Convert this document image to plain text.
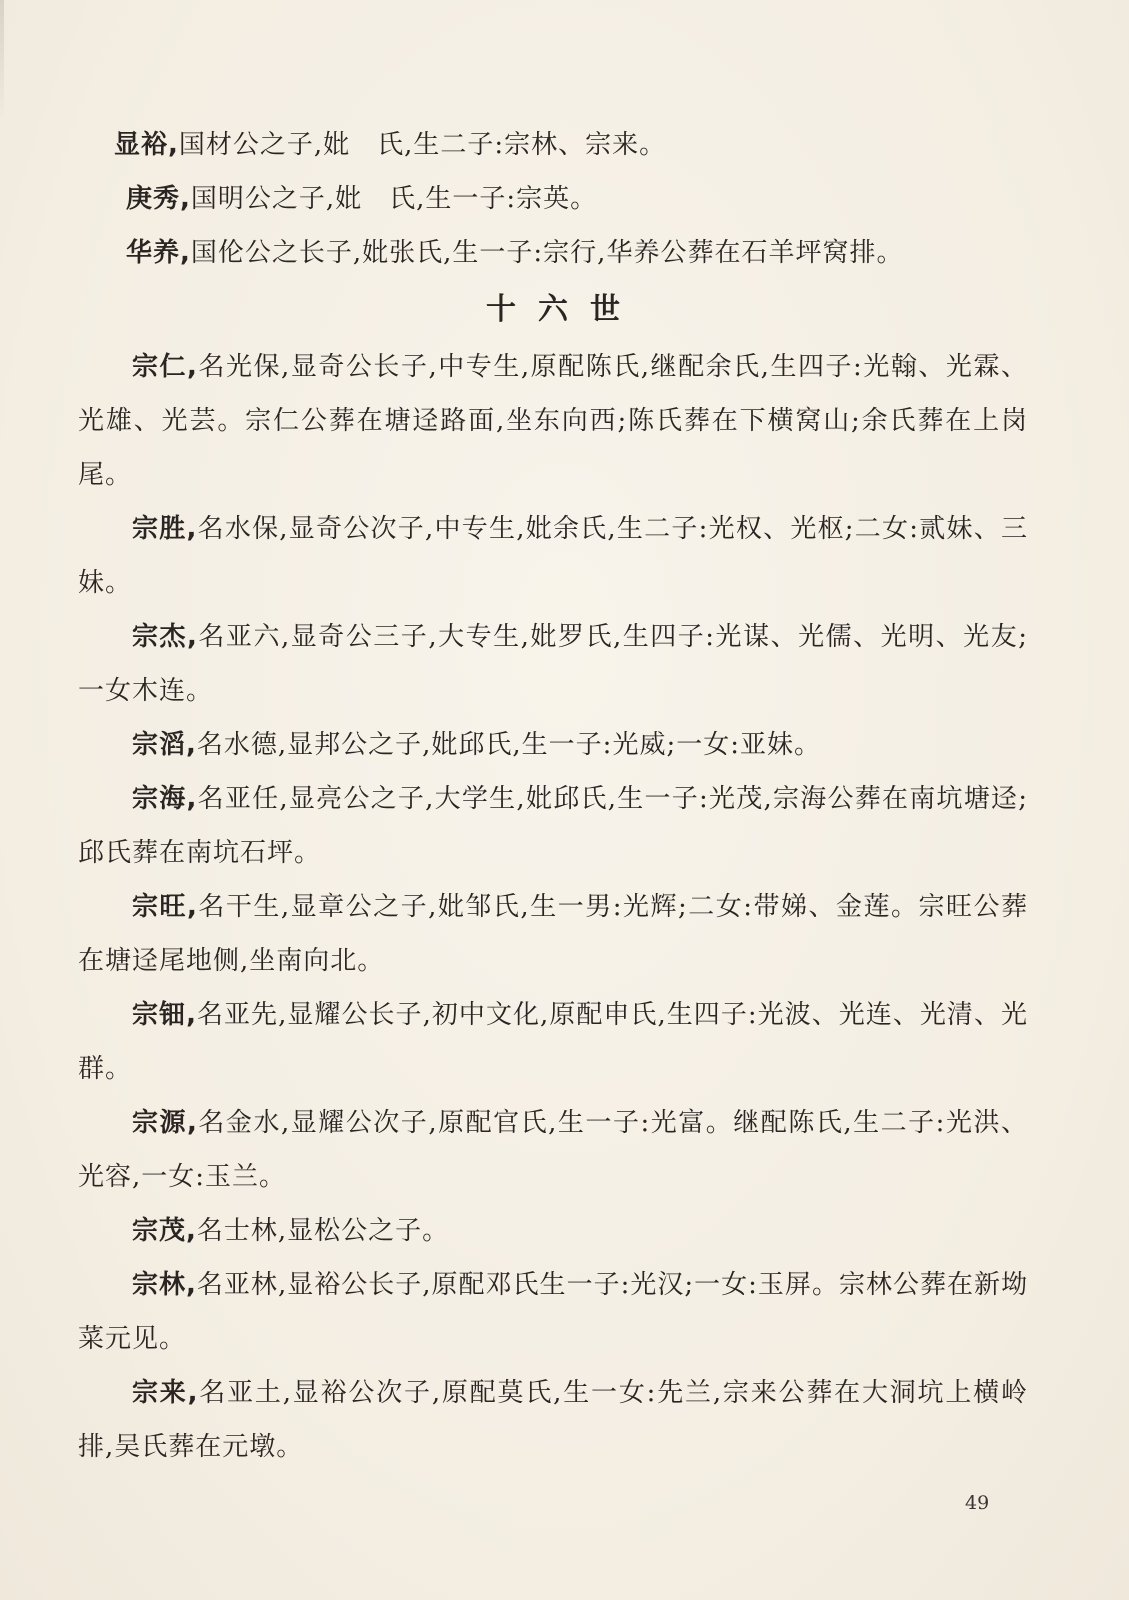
显裕,国材公之子,妣　氏,生二子:宗林、宗来。

庚秀,国明公之子,妣　氏,生一子:宗英。

华养,国伦公之长子,妣张氏,生一子:宗行,华养公葬在石羊坪窝排。

十六世

宗仁,名光保,显奇公长子,中专生,原配陈氏,继配余氏,生四子:光翰、光霖、光雄、光芸。宗仁公葬在塘迳路面,坐东向西;陈氏葬在下横窝山;余氏葬在上岗尾。

宗胜,名水保,显奇公次子,中专生,妣余氏,生二子:光权、光枢;二女:贰妹、三妹。

宗杰,名亚六,显奇公三子,大专生,妣罗氏,生四子:光谋、光儒、光明、光友;一女木连。

宗滔,名水德,显邦公之子,妣邱氏,生一子:光威;一女:亚妹。

宗海,名亚任,显亮公之子,大学生,妣邱氏,生一子:光茂,宗海公葬在南坑塘迳;邱氏葬在南坑石坪。

宗旺,名干生,显章公之子,妣邹氏,生一男:光辉;二女:带娣、金莲。宗旺公葬在塘迳尾地侧,坐南向北。

宗钿,名亚先,显耀公长子,初中文化,原配申氏,生四子:光波、光连、光清、光群。

宗源,名金水,显耀公次子,原配官氏,生一子:光富。继配陈氏,生二子:光洪、光容,一女:玉兰。

宗茂,名士林,显松公之子。

宗林,名亚林,显裕公长子,原配邓氏生一子:光汉;一女:玉屏。宗林公葬在新坳菜元见。

宗来,名亚土,显裕公次子,原配莫氏,生一女:先兰,宗来公葬在大洞坑上横岭排,吴氏葬在元墩。

49
